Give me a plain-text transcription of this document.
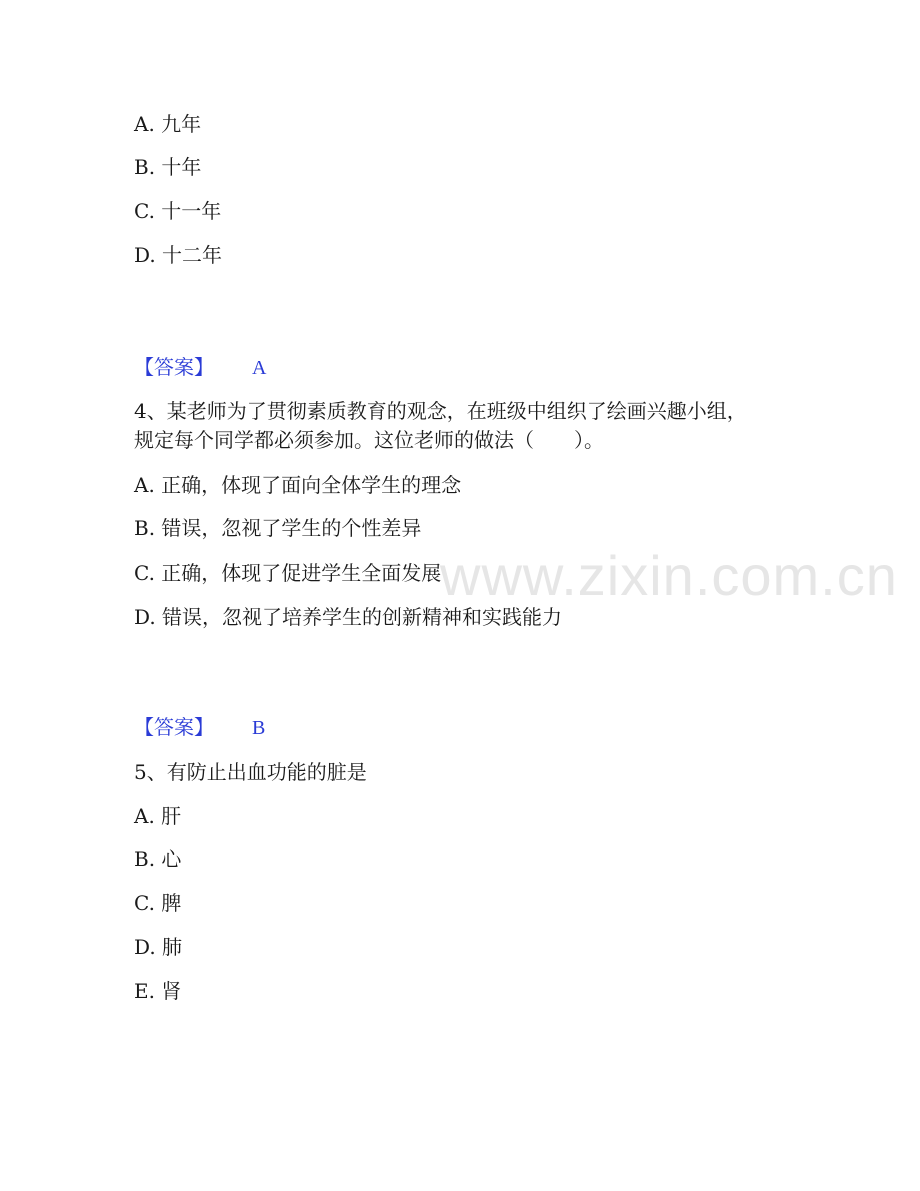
www.zixin.com.cn
A. 九年
B. 十年
C. 十一年
D. 十二年
【答案】 A
4、某老师为了贯彻素质教育的观念，在班级中组织了绘画兴趣小组，
规定每个同学都必须参加。这位老师的做法（　　）。
A. 正确，体现了面向全体学生的理念
B. 错误，忽视了学生的个性差异
C. 正确，体现了促进学生全面发展
D. 错误，忽视了培养学生的创新精神和实践能力
【答案】 B
5、有防止出血功能的脏是
A. 肝
B. 心
C. 脾
D. 肺
E. 肾
